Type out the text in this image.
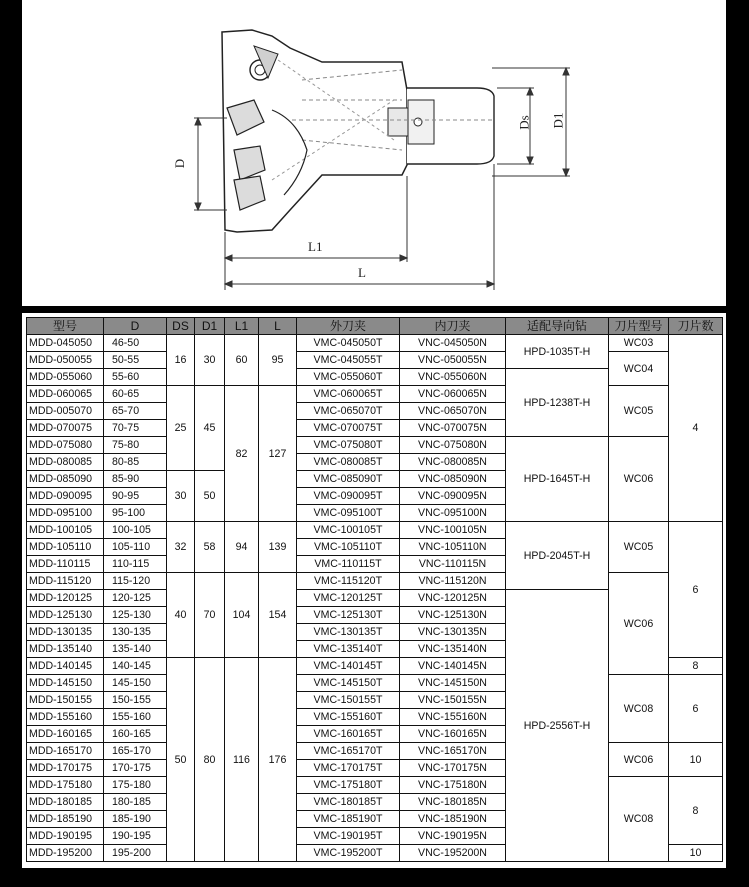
D
Ds D1
L1
L
型号	D	DS	D1	L1	L	外刀夹	内刀夹	适配导向钻	刀片型号	刀片数
MDD-045050	46-50	16	30	60	95	VMC-045050T	VNC-045050N	HPD-1035T-H	WC03	4
MDD-050055	50-55					VMC-045055T	VNC-050055N		WC04	
MDD-055060	55-60					VMC-055060T	VNC-055060N	HPD-1238T-H		
MDD-060065	60-65	25	45	82	127	VMC-060065T	VNC-060065N		WC05	
MDD-005070	65-70					VMC-065070T	VNC-065070N			
MDD-070075	70-75					VMC-070075T	VNC-070075N			
MDD-075080	75-80					VMC-075080T	VNC-075080N	HPD-1645T-H	WC06	
MDD-080085	80-85					VMC-080085T	VNC-080085N			
MDD-085090	85-90	30	50			VMC-085090T	VNC-085090N			
MDD-090095	90-95					VMC-090095T	VNC-090095N			
MDD-095100	95-100					VMC-095100T	VNC-095100N			
MDD-100105	100-105	32	58	94	139	VMC-100105T	VNC-100105N	HPD-2045T-H	WC05	6
MDD-105110	105-110					VMC-105110T	VNC-105110N			
MDD-110115	110-115					VMC-110115T	VNC-110115N			
MDD-115120	115-120	40	70	104	154	VMC-115120T	VNC-115120N		WC06	
MDD-120125	120-125					VMC-120125T	VNC-120125N	HPD-2556T-H		
MDD-125130	125-130					VMC-125130T	VNC-125130N			
MDD-130135	130-135					VMC-130135T	VNC-130135N			
MDD-135140	135-140					VMC-135140T	VNC-135140N			
MDD-140145	140-145	50	80	116	176	VMC-140145T	VNC-140145N			8
MDD-145150	145-150					VMC-145150T	VNC-145150N		WC08	6
MDD-150155	150-155					VMC-150155T	VNC-150155N			
MDD-155160	155-160					VMC-155160T	VNC-155160N			
MDD-160165	160-165					VMC-160165T	VNC-160165N			
MDD-165170	165-170					VMC-165170T	VNC-165170N		WC06	10
MDD-170175	170-175					VMC-170175T	VNC-170175N			
MDD-175180	175-180					VMC-175180T	VNC-175180N		WC08	8
MDD-180185	180-185					VMC-180185T	VNC-180185N			
MDD-185190	185-190					VMC-185190T	VNC-185190N			
MDD-190195	190-195					VMC-190195T	VNC-190195N			
MDD-195200	195-200					VMC-195200T	VNC-195200N			10
